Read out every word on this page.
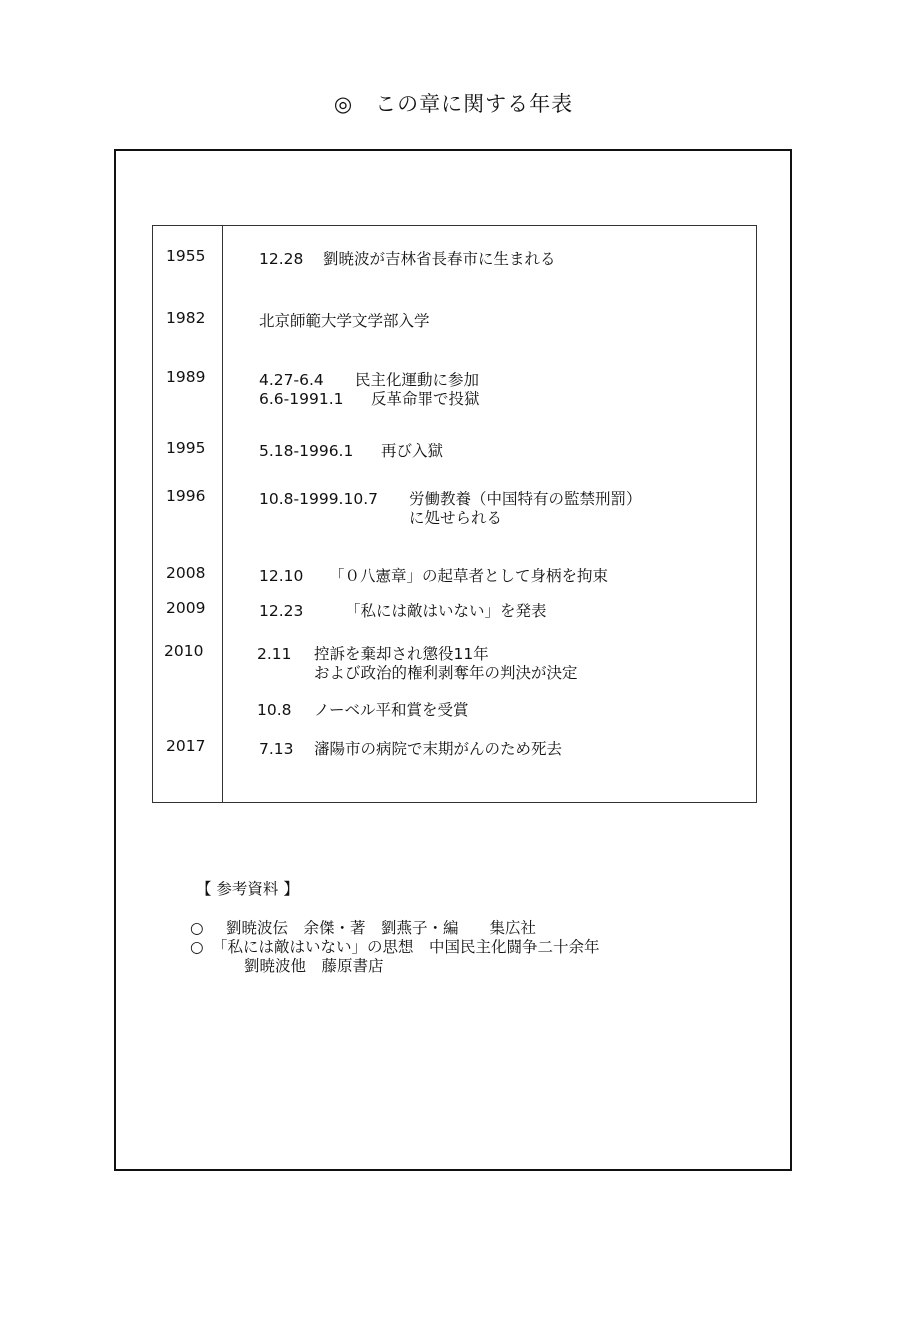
◎　この章に関する年表
1955	12.28 劉暁波が吉林省長春市に生まれる
1982	北京師範大学文学部入学
1989	4.27-6.4 民主化運動に参加
6.6-1991.1 反革命罪で投獄
1995	5.18-1996.1 再び入獄
1996	10.8-1999.10.7 労働教養（中国特有の監禁刑罰）
に処せられる
2008	12.10 「０八憲章」の起草者として身柄を拘束
2009	12.23	「私には敵はいない」を発表
2010	2.11 控訴を棄却され懲役11年
および政治的権利剥奪年の判決が決定
10.8 ノーベル平和賞を受賞
2017	7.13 瀋陽市の病院で末期がんのため死去
【 参考資料 】
○ 劉暁波伝　余傑・著　劉燕子・編　　集広社
○ 「私には敵はいない」の思想　中国民主化闘争二十余年
劉暁波他　藤原書店
